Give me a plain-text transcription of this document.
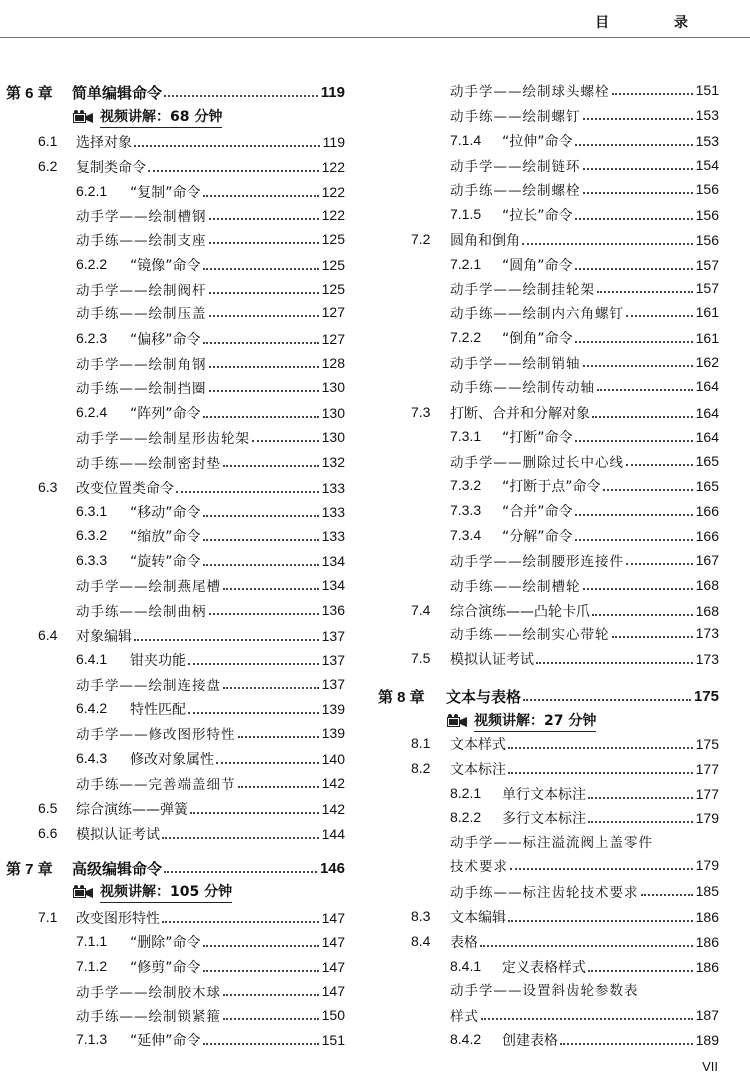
目 录
第 6 章 简单编辑命令	119
视频讲解：68 分钟
6.1 选择对象	119
6.2 复制类命令	122
6.2.1 “复制”命令	122
动手学——绘制槽钢	122
动手练——绘制支座	125
6.2.2 “镜像”命令	125
动手学——绘制阀杆	125
动手练——绘制压盖	127
6.2.3 “偏移”命令	127
动手学——绘制角钢	128
动手练——绘制挡圈	130
6.2.4 “阵列”命令	130
动手学——绘制星形齿轮架	130
动手练——绘制密封垫	132
6.3 改变位置类命令	133
6.3.1 “移动”命令	133
6.3.2 “缩放”命令	133
6.3.3 “旋转”命令	134
动手学——绘制燕尾槽	134
动手练——绘制曲柄	136
6.4 对象编辑	137
6.4.1 钳夹功能	137
动手学——绘制连接盘	137
6.4.2 特性匹配	139
动手学——修改图形特性	139
6.4.3 修改对象属性	140
动手练——完善端盖细节	142
6.5 综合演练——弹簧	142
6.6 模拟认证考试	144
第 7 章 高级编辑命令	146
视频讲解：105 分钟
7.1 改变图形特性	147
7.1.1 “删除”命令	147
7.1.2 “修剪”命令	147
动手学——绘制胶木球	147
动手练——绘制锁紧箍	150
7.1.3 “延伸”命令	151
动手学——绘制球头螺栓	151
动手练——绘制螺钉	153
7.1.4 “拉伸”命令	153
动手学——绘制链环	154
动手练——绘制螺栓	156
7.1.5 “拉长”命令	156
7.2 圆角和倒角	156
7.2.1 “圆角”命令	157
动手学——绘制挂轮架	157
动手练——绘制内六角螺钉	161
7.2.2 “倒角”命令	161
动手学——绘制销轴	162
动手练——绘制传动轴	164
7.3 打断、合并和分解对象	164
7.3.1 “打断”命令	164
动手学——删除过长中心线	165
7.3.2 “打断于点”命令	165
7.3.3 “合并”命令	166
7.3.4 “分解”命令	166
动手学——绘制腰形连接件	167
动手练——绘制槽轮	168
7.4 综合演练——凸轮卡爪	168
动手练——绘制实心带轮	173
7.5 模拟认证考试	173
第 8 章 文本与表格	175
视频讲解：27 分钟
8.1 文本样式	175
8.2 文本标注	177
8.2.1 单行文本标注	177
8.2.2 多行文本标注	179
动手学——标注溢流阀上盖零件
技术要求	179
动手练——标注齿轮技术要求	185
8.3 文本编辑	186
8.4 表格	186
8.4.1 定义表格样式	186
动手学——设置斜齿轮参数表
样式	187
8.4.2 创建表格	189
VII
